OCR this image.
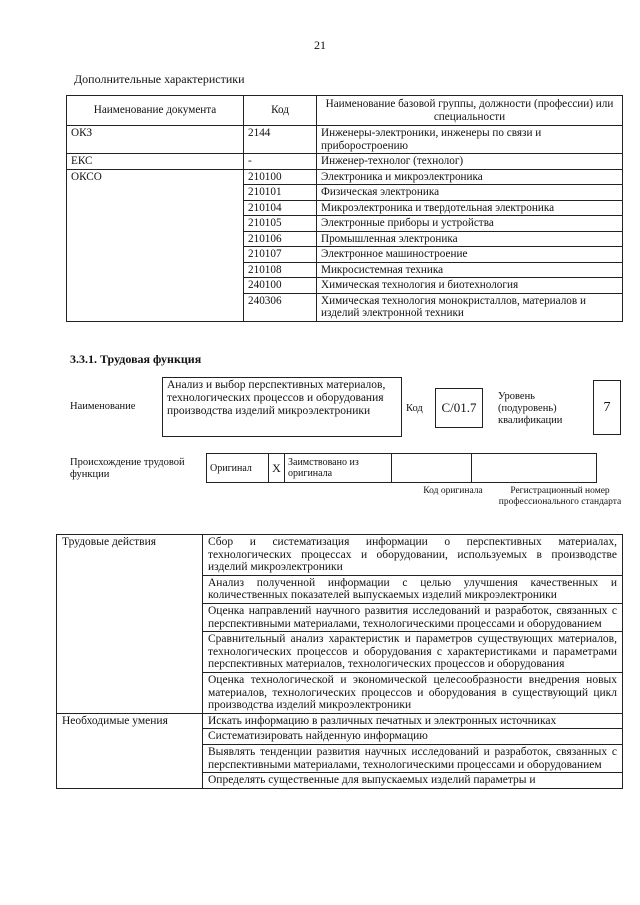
21
Дополнительные характеристики
Наименование документа	Код	Наименование базовой группы, должности (профессии) или специальности
ОКЗ	2144	Инженеры-электроники, инженеры по связи и приборостроению
ЕКС	-	Инженер-технолог (технолог)
ОКСО	210100	Электроника и микроэлектроника
	210101	Физическая электроника
	210104	Микроэлектроника и твердотельная электроника
	210105	Электронные приборы и устройства
	210106	Промышленная электроника
	210107	Электронное машиностроение
	210108	Микросистемная техника
	240100	Химическая технология и биотехнология
	240306	Химическая технология монокристаллов, материалов и изделий электронной техники
3.3.1. Трудовая функция
Наименование
Анализ и выбор перспективных материалов, технологических процессов и оборудования производства изделий микроэлектроники	Код	C/01.7
Уровень (подуровень) квалификации
7
Происхождение трудовой функции
Оригинал	X	Заимствовано из оригинала		
Код оригинала	Регистрационный номер профессионального стандарта
Трудовые действия	Сбор и систематизация информации о перспективных материалах, технологических процессах и оборудовании, используемых в производстве изделий микроэлектроники
	Анализ полученной информации с целью улучшения качественных и количественных показателей выпускаемых изделий микроэлектроники
	Оценка направлений научного развития исследований и разработок, связанных с перспективными материалами, технологическими процессами и оборудованием
	Сравнительный анализ характеристик и параметров существующих материалов, технологических процессов и оборудования с характеристиками и параметрами перспективных материалов, технологических процессов и оборудования
	Оценка технологической и экономической целесообразности внедрения новых материалов, технологических процессов и оборудования в существующий цикл производства изделий микроэлектроники
Необходимые умения	Искать информацию в различных печатных и электронных источниках
	Систематизировать найденную информацию
	Выявлять тенденции развития научных исследований и разработок, связанных с перспективными материалами, технологическими процессами и оборудованием
	Определять существенные для выпускаемых изделий параметры и
